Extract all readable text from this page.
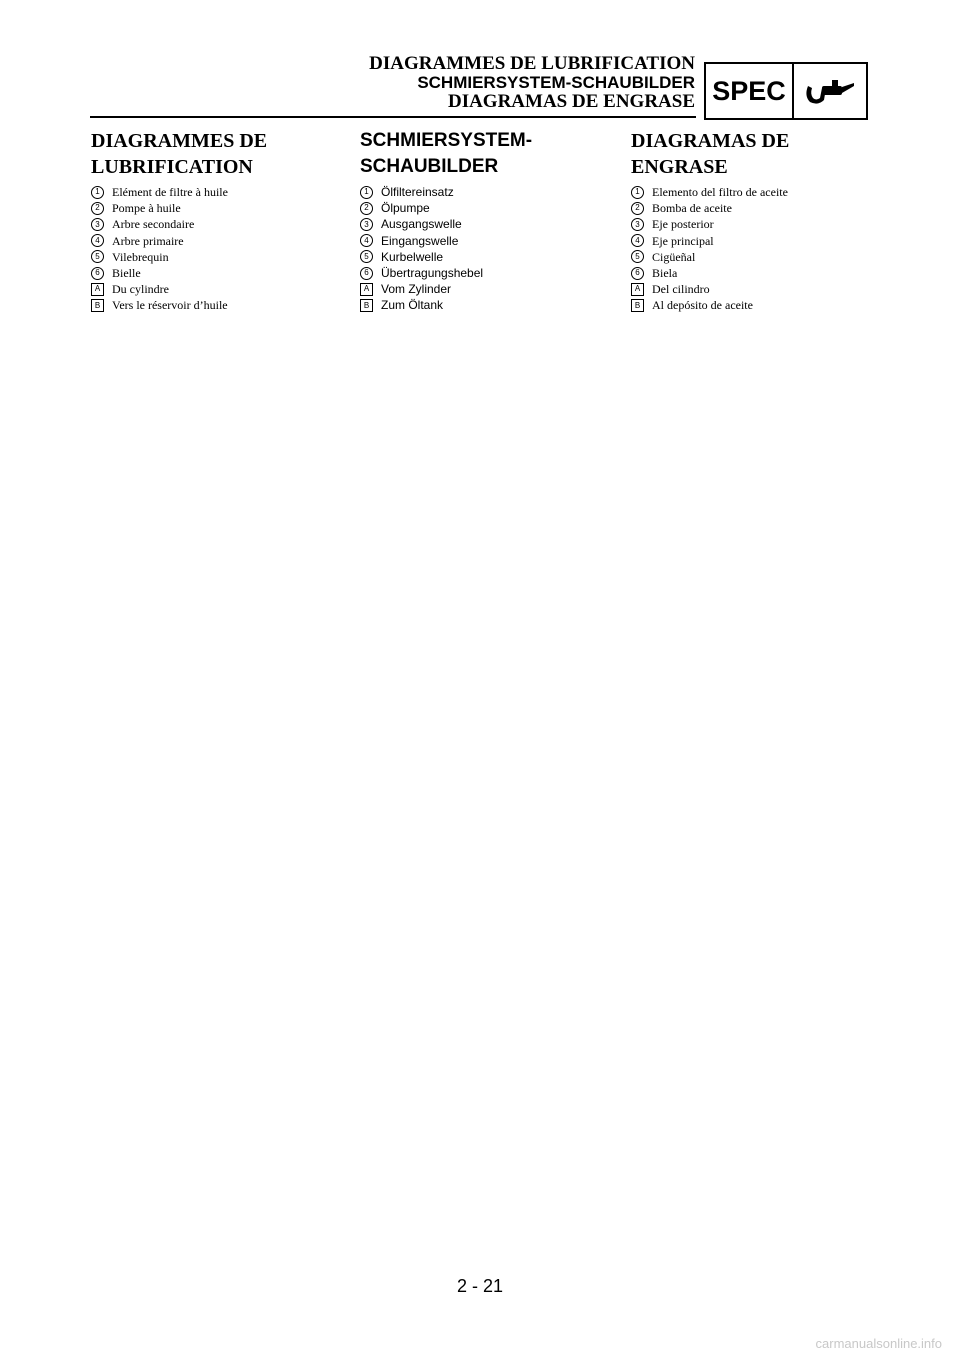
DIAGRAMMES DE LUBRIFICATION
SCHMIERSYSTEM-SCHAUBILDER
DIAGRAMAS DE ENGRASE SPEC
DIAGRAMMES DE
LUBRIFICATION
1	Elément de filtre à huile
2	Pompe à huile
3	Arbre secondaire
4	Arbre primaire
5	Vilebrequin
6	Bielle
A Du cylindre
B Vers le réservoir d’huile
SCHMIERSYSTEM-
SCHAUBILDER
1	Ölfiltereinsatz
2	Ölpumpe
3	Ausgangswelle
4	Eingangswelle
5	Kurbelwelle
6	Übertragungshebel
A Vom Zylinder
B Zum Öltank
DIAGRAMAS DE
ENGRASE
1	Elemento del filtro de aceite
2	Bomba de aceite
3	Eje posterior
4	Eje principal
5	Cigüeñal
6	Biela
A Del cilindro
B Al depósito de aceite
2 - 21
carmanualsonline.info
